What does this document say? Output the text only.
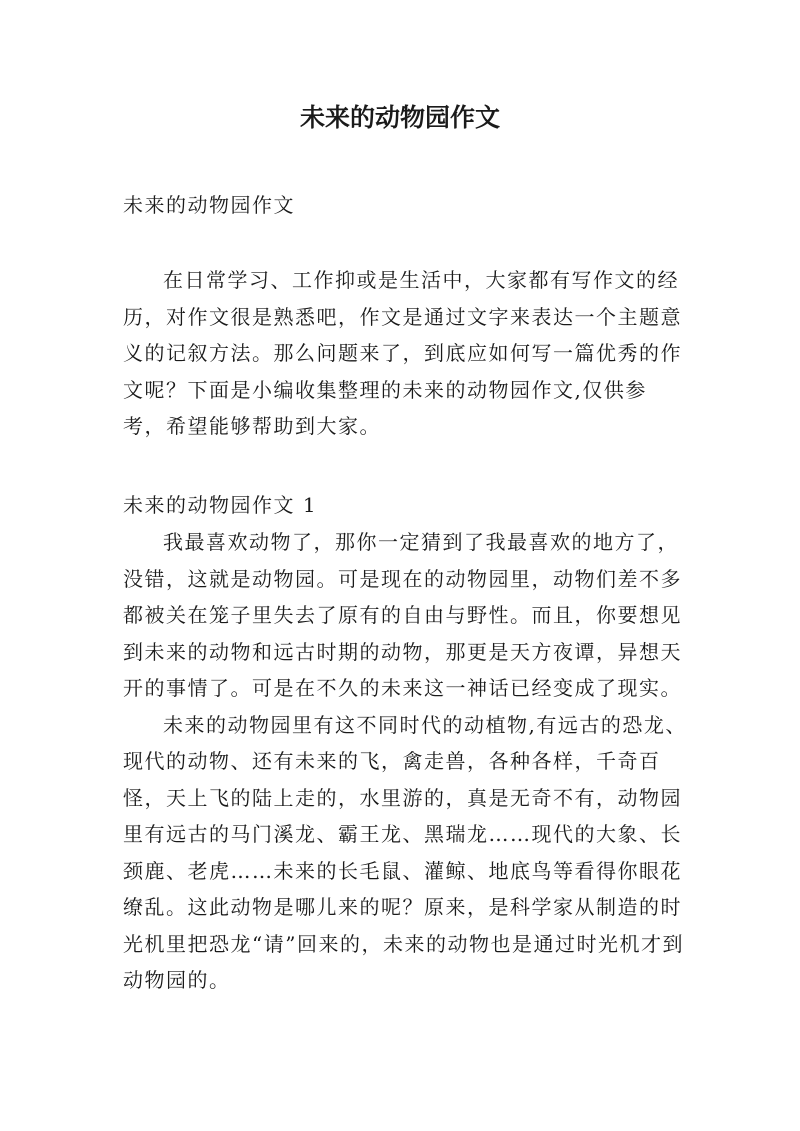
未来的动物园作文

未来的动物园作文

在日常学习、工作抑或是生活中，大家都有写作文的经历，对作文很是熟悉吧，作文是通过文字来表达一个主题意义的记叙方法。那么问题来了，到底应如何写一篇优秀的作文呢？下面是小编收集整理的未来的动物园作文,仅供参考，希望能够帮助到大家。

未来的动物园作文 1

我最喜欢动物了，那你一定猜到了我最喜欢的地方了，没错，这就是动物园。可是现在的动物园里，动物们差不多都被关在笼子里失去了原有的自由与野性。而且，你要想见到未来的动物和远古时期的动物，那更是天方夜谭，异想天开的事情了。可是在不久的未来这一神话已经变成了现实。

未来的动物园里有这不同时代的动植物,有远古的恐龙、现代的动物、还有未来的飞，禽走兽，各种各样，千奇百怪，天上飞的陆上走的，水里游的，真是无奇不有，动物园里有远古的马门溪龙、霸王龙、黑瑞龙……现代的大象、长颈鹿、老虎……未来的长毛鼠、灌鲸、地底鸟等看得你眼花缭乱。这此动物是哪儿来的呢？原来，是科学家从制造的时光机里把恐龙“请”回来的，未来的动物也是通过时光机才到动物园的。
